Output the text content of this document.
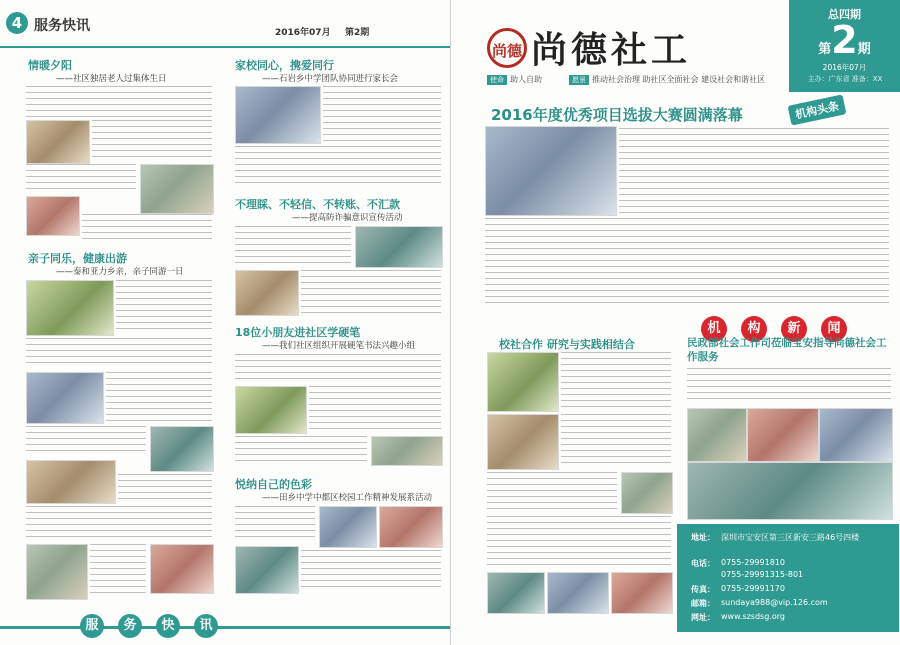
4 服务快讯	2016年07月 第2期
情暖夕阳
——社区独居老人过集体生日
亲子同乐，健康出游
——泰和亚力乡亲，亲子同游一日
家校同心，携爱同行
——石岩乡中学团队协同进行家长会
不理睬、不轻信、不转账、不汇款
——提高防诈骗意识宣传活动
18位小朋友进社区学硬笔
——我们社区组织开展硬笔书法兴趣小组
悦纳自己的色彩
——田乡中学中都区校园工作精神发展系活动
服	务	快	讯
尚德 尚德社工
使命 助人自助	愿景 推动社会治理 助社区全面社会 建设社会和谐社区
总四期
第2期
2016年07月
主办：广东省 准备：XX
2016年度优秀项目选拔大赛圆满落幕	机构头条
机	构	新	闻
校社合作 研究与实践相结合	民政部社会工作司莅临宝安指导尚德社会工作服务
地址： 深圳市宝安区第三区新安三路46号四楼
电话： 0755-29991810
0755-29991315-801
传真： 0755-29991170
邮箱： sundaya988@vip.126.com
网址： www.szsdsg.org
